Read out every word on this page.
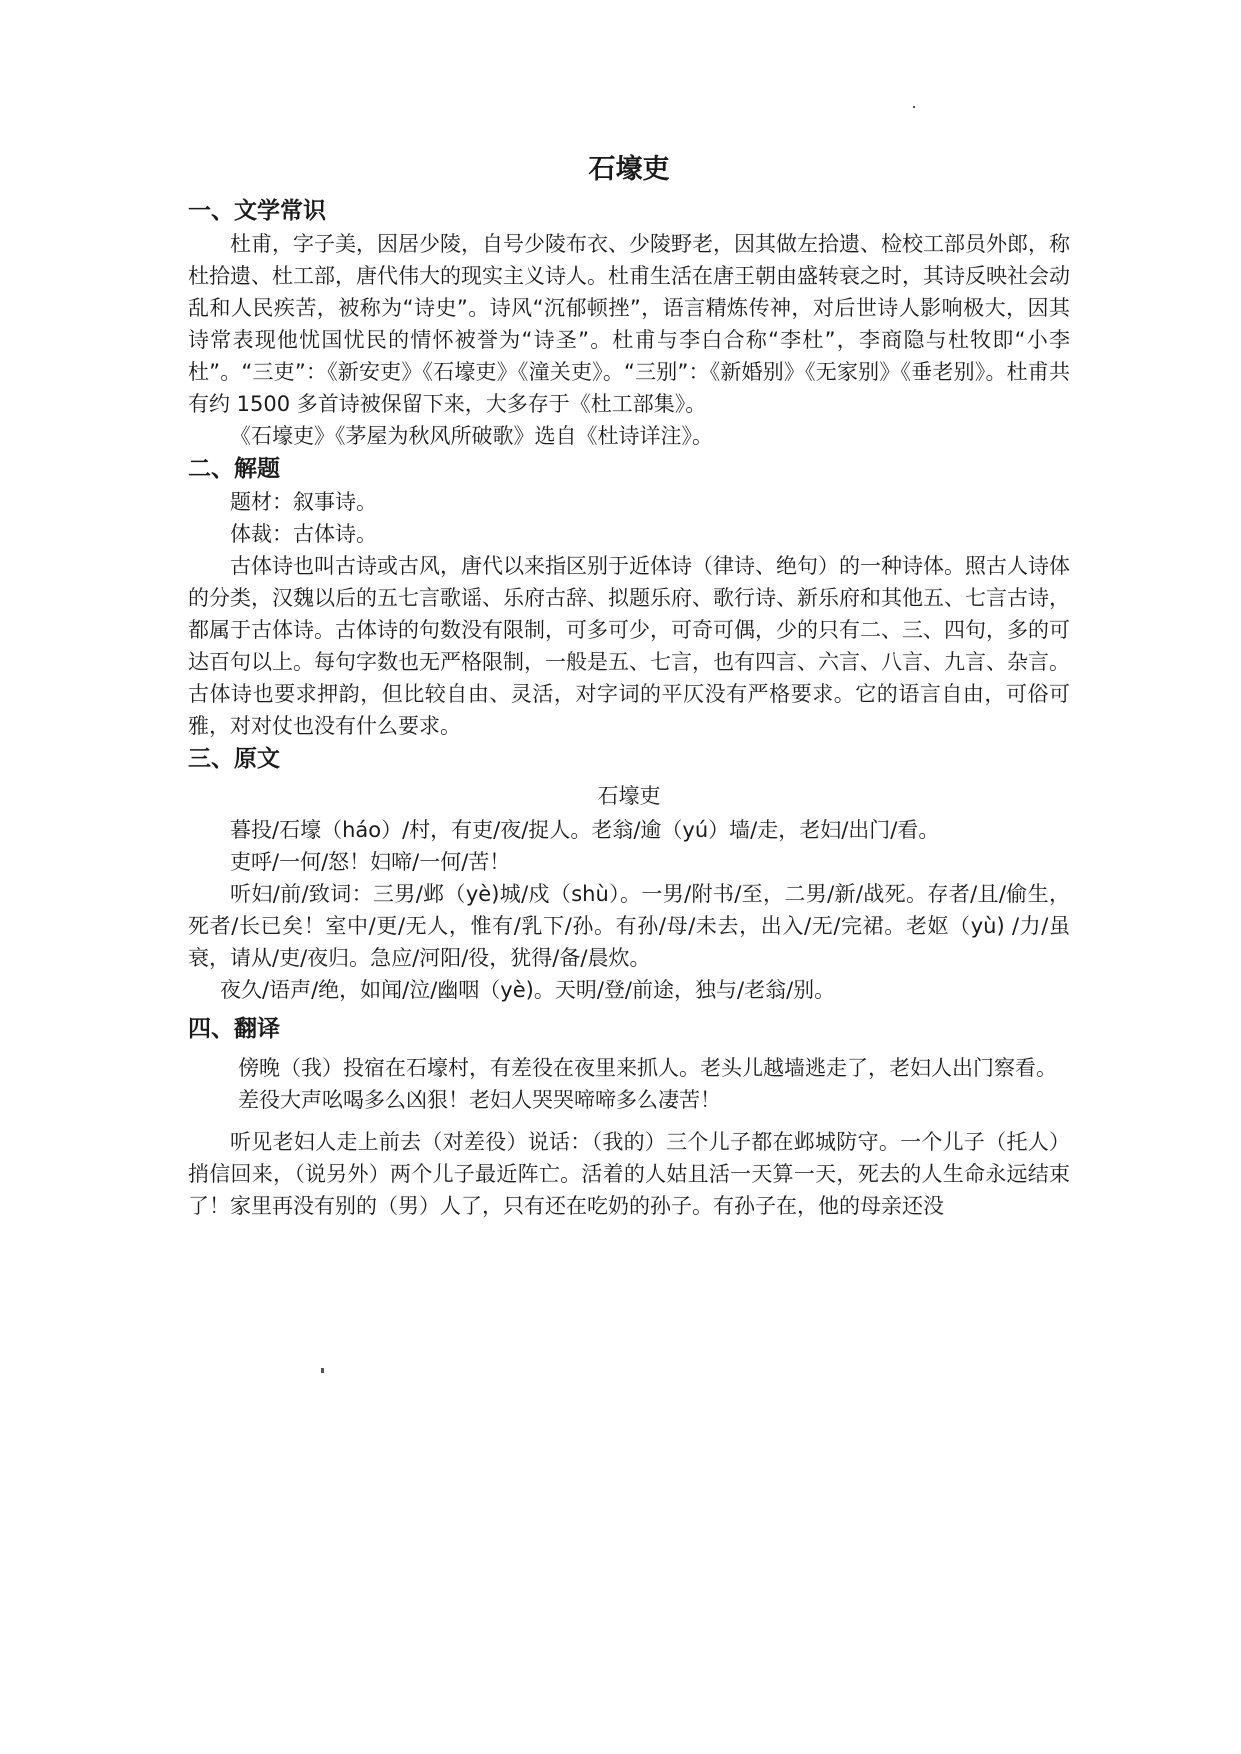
石壕吏
一、文学常识

杜甫，字子美，因居少陵，自号少陵布衣、少陵野老，因其做左拾遗、检校工部员外郎，称杜拾遗、杜工部，唐代伟大的现实主义诗人。杜甫生活在唐王朝由盛转衰之时，其诗反映社会动乱和人民疾苦，被称为“诗史”。诗风“沉郁顿挫”，语言精炼传神，对后世诗人影响极大，因其诗常表现他忧国忧民的情怀被誉为“诗圣”。杜甫与李白合称“李杜”，李商隐与杜牧即“小李杜”。“三吏”：《新安吏》《石壕吏》《潼关吏》。“三别”：《新婚别》《无家别》《垂老别》。杜甫共有约 1500 多首诗被保留下来，大多存于《杜工部集》。

《石壕吏》《茅屋为秋风所破歌》选自《杜诗详注》。

二、解题

题材：叙事诗。

体裁：古体诗。

古体诗也叫古诗或古风，唐代以来指区别于近体诗（律诗、绝句）的一种诗体。照古人诗体的分类，汉魏以后的五七言歌谣、乐府古辞、拟题乐府、歌行诗、新乐府和其他五、七言古诗，都属于古体诗。古体诗的句数没有限制，可多可少，可奇可偶，少的只有二、三、四句，多的可达百句以上。每句字数也无严格限制，一般是五、七言，也有四言、六言、八言、九言、杂言。古体诗也要求押韵，但比较自由、灵活，对字词的平仄没有严格要求。它的语言自由，可俗可雅，对对仗也没有什么要求。

三、原文
石壕吏

暮投/石壕（háo）/村，有吏/夜/捉人。老翁/逾（yú）墙/走，老妇/出门/看。

吏呼/一何/怒！妇啼/一何/苦！

听妇/前/致词：三男/邺（yè)城/戍（shù）。一男/附书/至，二男/新/战死。存者/且/偷生，死者/长已矣！室中/更/无人，惟有/乳下/孙。有孙/母/未去，出入/无/完裙。老妪（yù) /力/虽衰，请从/吏/夜归。急应/河阳/役，犹得/备/晨炊。

夜久/语声/绝，如闻/泣/幽咽（yè)。天明/登/前途，独与/老翁/别。

四、翻译

傍晚（我）投宿在石壕村，有差役在夜里来抓人。老头儿越墙逃走了，老妇人出门察看。

差役大声吆喝多么凶狠！老妇人哭哭啼啼多么凄苦！

听见老妇人走上前去（对差役）说话：（我的）三个儿子都在邺城防守。一个儿子（托人）捎信回来，（说另外）两个儿子最近阵亡。活着的人姑且活一天算一天，死去的人生命永远结束了！家里再没有别的（男）人了，只有还在吃奶的孙子。有孙子在，他的母亲还没
